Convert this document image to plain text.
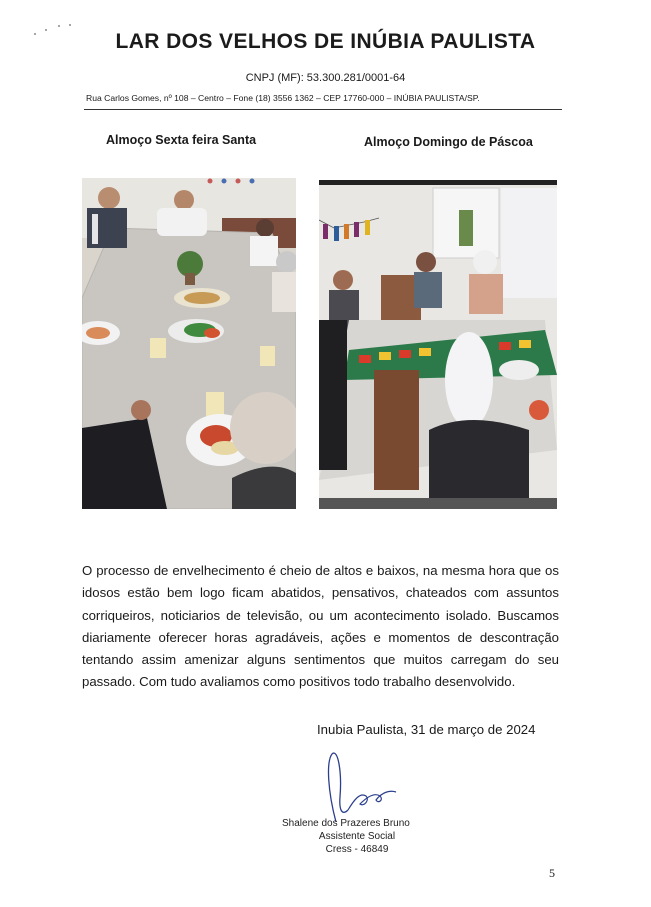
LAR DOS VELHOS DE INÚBIA PAULISTA
CNPJ (MF): 53.300.281/0001-64
Rua Carlos Gomes, nº 108 – Centro – Fone (18) 3556 1362 – CEP 17760-000 – INÚBIA PAULISTA/SP.
Almoço Sexta feira Santa	Almoço Domingo de Páscoa
O processo de envelhecimento é cheio de altos e baixos, na mesma hora que os idosos estão bem logo ficam abatidos, pensativos, chateados com assuntos corriqueiros, noticiarios de televisão, ou um acontecimento isolado. Buscamos diariamente oferecer horas agradáveis, ações e momentos de descontração tentando assim amenizar alguns sentimentos que muitos carregam do seu passado. Com tudo avaliamos como positivos todo trabalho desenvolvido.
Inubia Paulista, 31 de março de 2024
Shalene dos Prazeres Bruno
Assistente Social
Cress - 46849
5
